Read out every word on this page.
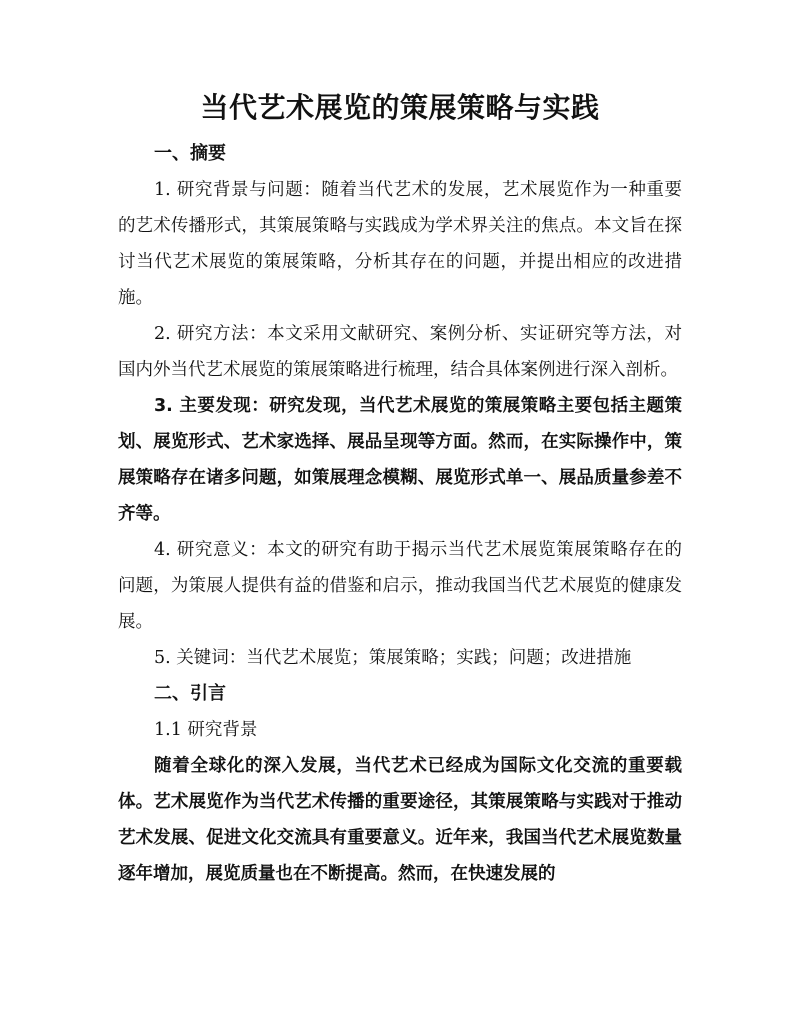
当代艺术展览的策展策略与实践
一、摘要

1. 研究背景与问题：随着当代艺术的发展，艺术展览作为一种重要的艺术传播形式，其策展策略与实践成为学术界关注的焦点。本文旨在探讨当代艺术展览的策展策略，分析其存在的问题，并提出相应的改进措施。

2. 研究方法：本文采用文献研究、案例分析、实证研究等方法，对国内外当代艺术展览的策展策略进行梳理，结合具体案例进行深入剖析。

3. 主要发现：研究发现，当代艺术展览的策展策略主要包括主题策划、展览形式、艺术家选择、展品呈现等方面。然而，在实际操作中，策展策略存在诸多问题，如策展理念模糊、展览形式单一、展品质量参差不齐等。

4. 研究意义：本文的研究有助于揭示当代艺术展览策展策略存在的问题，为策展人提供有益的借鉴和启示，推动我国当代艺术展览的健康发展。

5. 关键词：当代艺术展览；策展策略；实践；问题；改进措施

二、引言
1.1 研究背景

随着全球化的深入发展，当代艺术已经成为国际文化交流的重要载体。艺术展览作为当代艺术传播的重要途径，其策展策略与实践对于推动艺术发展、促进文化交流具有重要意义。近年来，我国当代艺术展览数量逐年增加，展览质量也在不断提高。然而，在快速发展的
